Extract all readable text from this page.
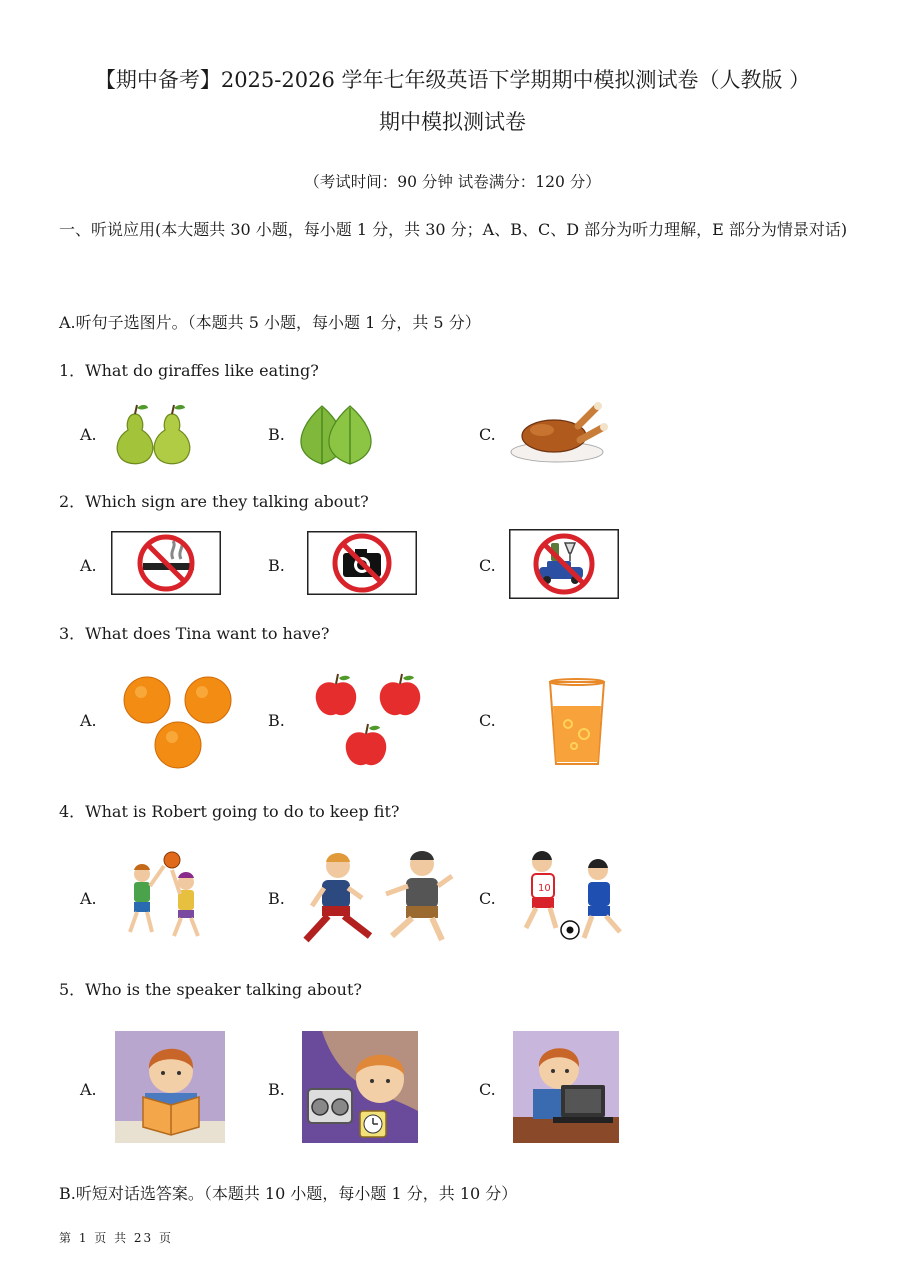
【期中备考】2025-2026 学年七年级英语下学期期中模拟测试卷（人教版 ）
期中模拟测试卷
（考试时间：90 分钟 试卷满分：120 分）
一、听说应用(本大题共 30 小题，每小题 1 分，共 30 分；A、B、C、D 部分为听力理解，E 部分为情景对话)
A.听句子选图片。（本题共 5 小题，每小题 1 分，共 5 分）
1．What do giraffes like eating?
A.	B.	C.
2．Which sign are they talking about?
A.	B.	C.
3．What does Tina want to have?
A.	B.	C.
4．What is Robert going to do to keep fit?
A.	B.	C.
10
5．Who is the speaker talking about?
A.	B.	C.
B.听短对话选答案。（本题共 10 小题，每小题 1 分，共 10 分）
第 1 页 共 23 页
